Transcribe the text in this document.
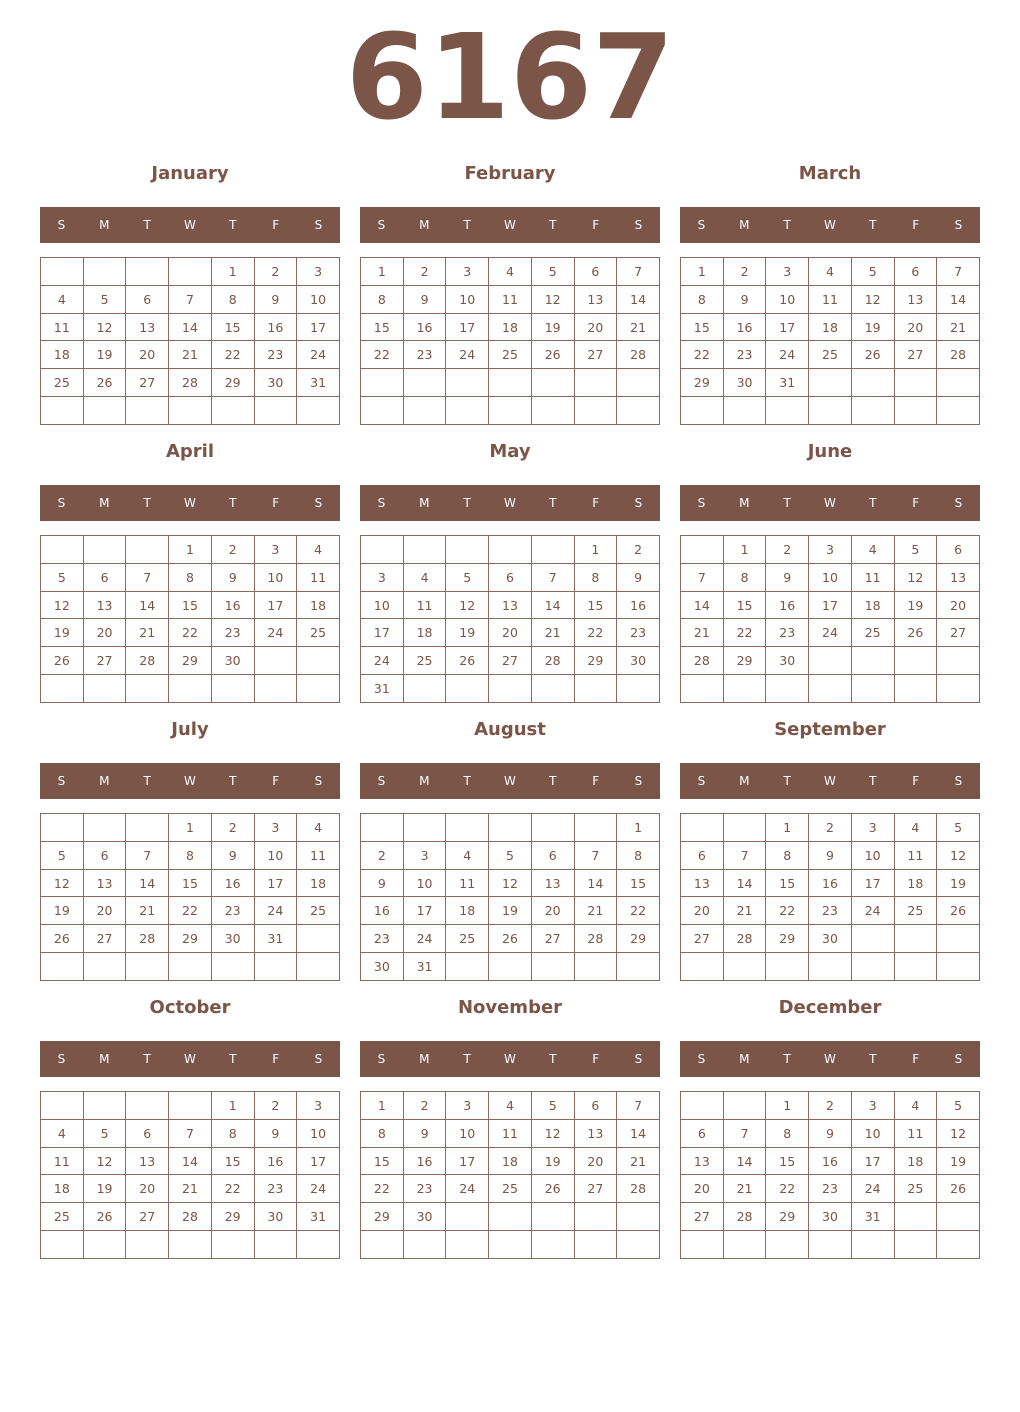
6167
January
S	M	T	W	T	F	S
				1	2	3
4	5	6	7	8	9	10
11	12	13	14	15	16	17
18	19	20	21	22	23	24
25	26	27	28	29	30	31

February
S	M	T	W	T	F	S
1	2	3	4	5	6	7
8	9	10	11	12	13	14
15	16	17	18	19	20	21
22	23	24	25	26	27	28

March
S	M	T	W	T	F	S
1	2	3	4	5	6	7
8	9	10	11	12	13	14
15	16	17	18	19	20	21
22	23	24	25	26	27	28
29	30	31				

April
S	M	T	W	T	F	S
			1	2	3	4
5	6	7	8	9	10	11
12	13	14	15	16	17	18
19	20	21	22	23	24	25
26	27	28	29	30		

May
S	M	T	W	T	F	S
					1	2
3	4	5	6	7	8	9
10	11	12	13	14	15	16
17	18	19	20	21	22	23
24	25	26	27	28	29	30
31						
June
S	M	T	W	T	F	S
	1	2	3	4	5	6
7	8	9	10	11	12	13
14	15	16	17	18	19	20
21	22	23	24	25	26	27
28	29	30				

July
S	M	T	W	T	F	S
			1	2	3	4
5	6	7	8	9	10	11
12	13	14	15	16	17	18
19	20	21	22	23	24	25
26	27	28	29	30	31	

August
S	M	T	W	T	F	S
						1
2	3	4	5	6	7	8
9	10	11	12	13	14	15
16	17	18	19	20	21	22
23	24	25	26	27	28	29
30	31					
September
S	M	T	W	T	F	S
		1	2	3	4	5
6	7	8	9	10	11	12
13	14	15	16	17	18	19
20	21	22	23	24	25	26
27	28	29	30			

October
S	M	T	W	T	F	S
				1	2	3
4	5	6	7	8	9	10
11	12	13	14	15	16	17
18	19	20	21	22	23	24
25	26	27	28	29	30	31

November
S	M	T	W	T	F	S
1	2	3	4	5	6	7
8	9	10	11	12	13	14
15	16	17	18	19	20	21
22	23	24	25	26	27	28
29	30					

December
S	M	T	W	T	F	S
		1	2	3	4	5
6	7	8	9	10	11	12
13	14	15	16	17	18	19
20	21	22	23	24	25	26
27	28	29	30	31		
